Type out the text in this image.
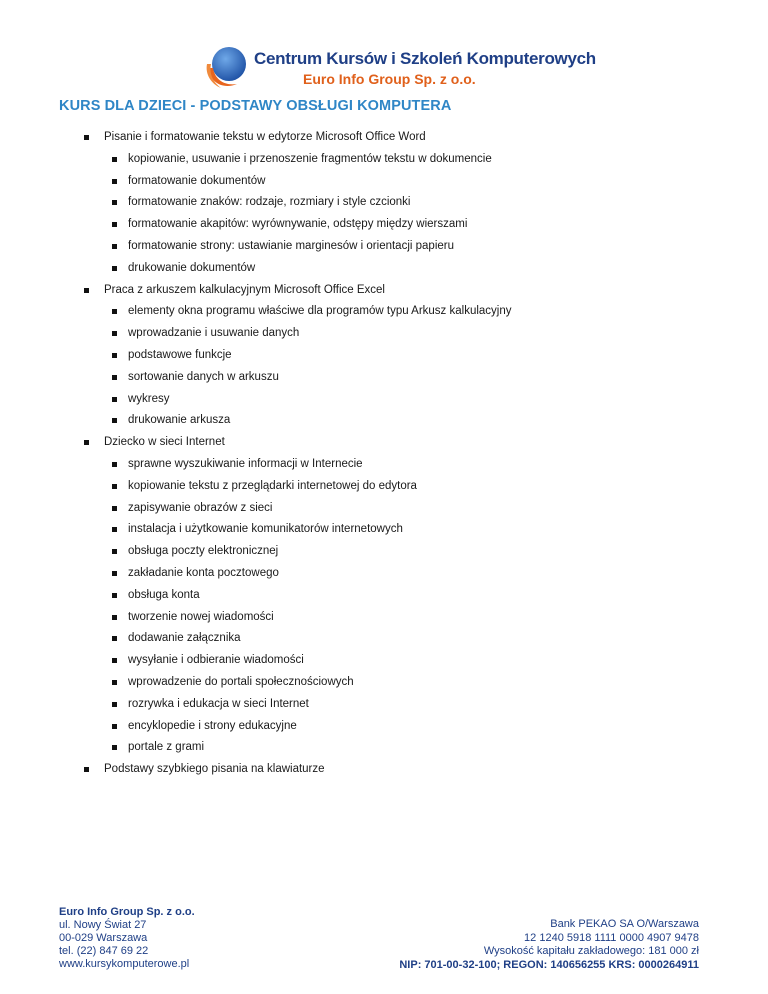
Centrum Kursów i Szkoleń Komputerowych
Euro Info Group Sp. z o.o.
KURS DLA DZIECI - PODSTAWY OBSŁUGI KOMPUTERA
Pisanie i formatowanie tekstu w edytorze Microsoft Office Word
kopiowanie, usuwanie i przenoszenie fragmentów tekstu w dokumencie
formatowanie dokumentów
formatowanie znaków: rodzaje, rozmiary i style czcionki
formatowanie akapitów: wyrównywanie, odstępy między wierszami
formatowanie strony: ustawianie marginesów i orientacji papieru
drukowanie dokumentów
Praca z arkuszem kalkulacyjnym Microsoft Office Excel
elementy okna programu właściwe dla programów typu Arkusz kalkulacyjny
wprowadzanie i usuwanie danych
podstawowe funkcje
sortowanie danych w arkuszu
wykresy
drukowanie arkusza
Dziecko w sieci Internet
sprawne wyszukiwanie informacji w Internecie
kopiowanie tekstu z przeglądarki internetowej do edytora
zapisywanie obrazów z sieci
instalacja i użytkowanie komunikatorów internetowych
obsługa poczty elektronicznej
zakładanie konta pocztowego
obsługa konta
tworzenie nowej wiadomości
dodawanie załącznika
wysyłanie i odbieranie wiadomości
wprowadzenie do portali społecznościowych
rozrywka i edukacja w sieci Internet
encyklopedie i strony edukacyjne
portale z grami
Podstawy szybkiego pisania na klawiaturze
Euro Info Group Sp. z o.o.
ul. Nowy Świat 27
00-029 Warszawa
tel. (22) 847 69 22
www.kursykomputerowe.pl
Bank PEKAO SA O/Warszawa
12 1240 5918 1111 0000 4907 9478
Wysokość kapitału zakładowego: 181 000 zł
NIP: 701-00-32-100; REGON: 140656255 KRS: 0000264911
